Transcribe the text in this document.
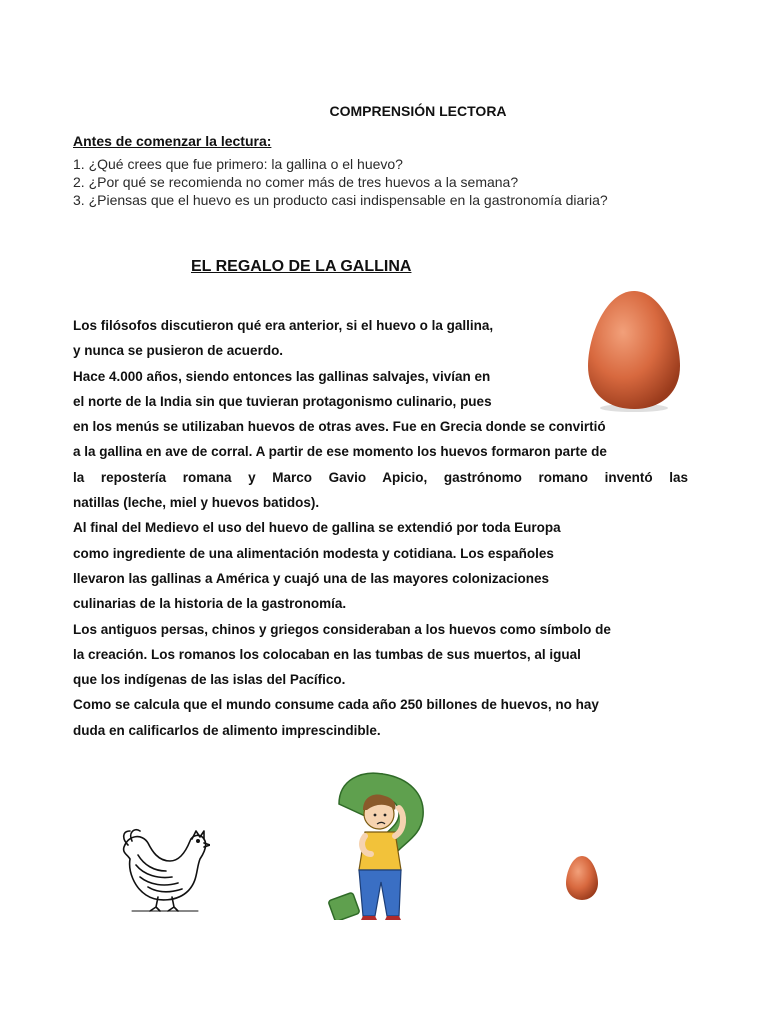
COMPRENSIÓN LECTORA
Antes de comenzar la lectura:
1. ¿Qué crees que fue primero: la gallina o el huevo?
2. ¿Por qué se recomienda no comer más de tres huevos a la semana?
3. ¿Piensas que el huevo es un producto casi indispensable en la gastronomía diaria?
EL REGALO DE LA GALLINA

Los filósofos discutieron qué era anterior, si el huevo o la gallina,

y nunca se pusieron de acuerdo.

Hace 4.000 años, siendo entonces las gallinas salvajes, vivían en

el norte de la India sin que tuvieran protagonismo culinario, pues

en los menús se utilizaban huevos de otras aves. Fue en Grecia donde se convirtió

a la gallina en ave de corral. A partir de ese momento los huevos formaron parte de

la repostería romana y Marco Gavio Apicio, gastrónomo romano inventó las

natillas (leche, miel y huevos batidos).

Al final del Medievo el uso del huevo de gallina se extendió por toda Europa

como ingrediente de una alimentación modesta y cotidiana. Los españoles

llevaron las gallinas a América y cuajó una de las mayores colonizaciones

culinarias de la historia de la gastronomía.

Los antiguos persas, chinos y griegos consideraban a los huevos como símbolo de

la creación. Los romanos los colocaban en las tumbas de sus muertos, al igual

que los indígenas de las islas del Pacífico.

Como se calcula que el mundo consume cada año 250 billones de huevos, no hay

duda en calificarlos de alimento imprescindible.
